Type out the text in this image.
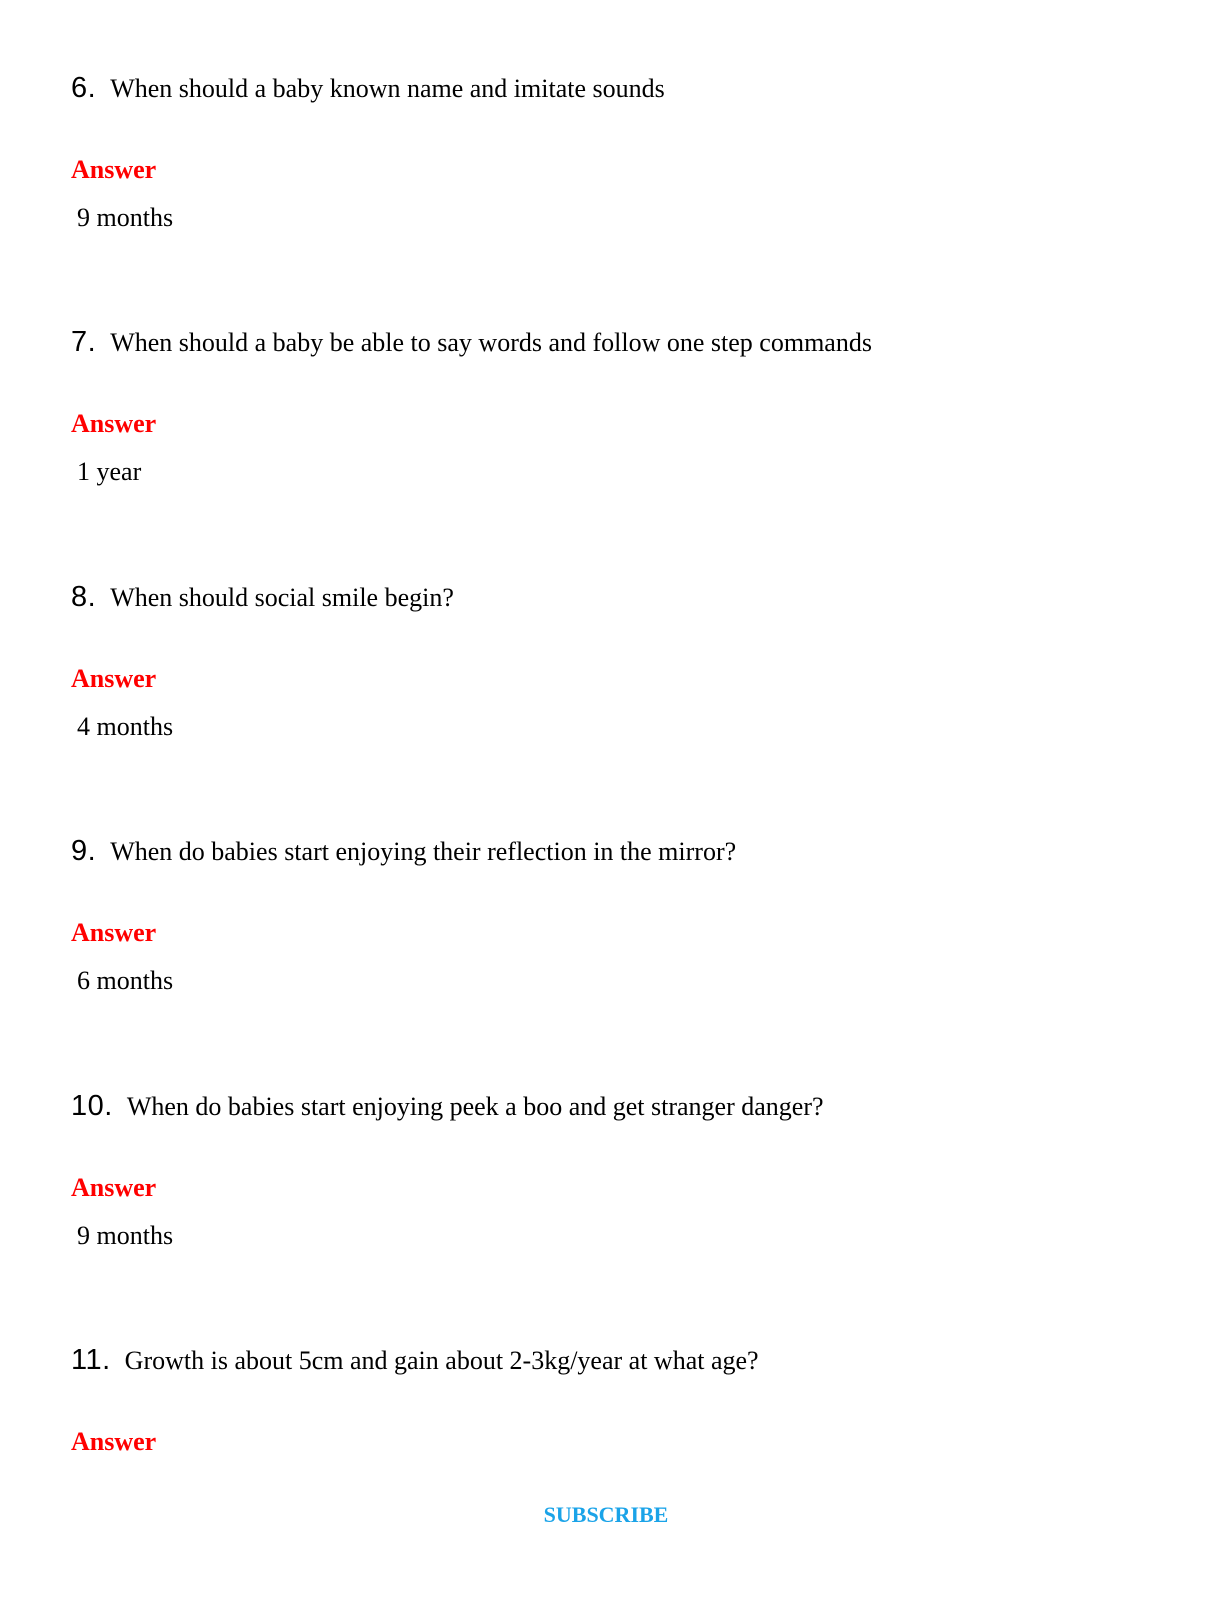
6. When should a baby known name and imitate sounds
Answer
9 months
7. When should a baby be able to say words and follow one step commands
Answer
1 year
8. When should social smile begin?
Answer
4 months
9. When do babies start enjoying their reflection in the mirror?
Answer
6 months
10. When do babies start enjoying peek a boo and get stranger danger?
Answer
9 months
11. Growth is about 5cm and gain about 2-3kg/year at what age?
Answer
SUBSCRIBE
